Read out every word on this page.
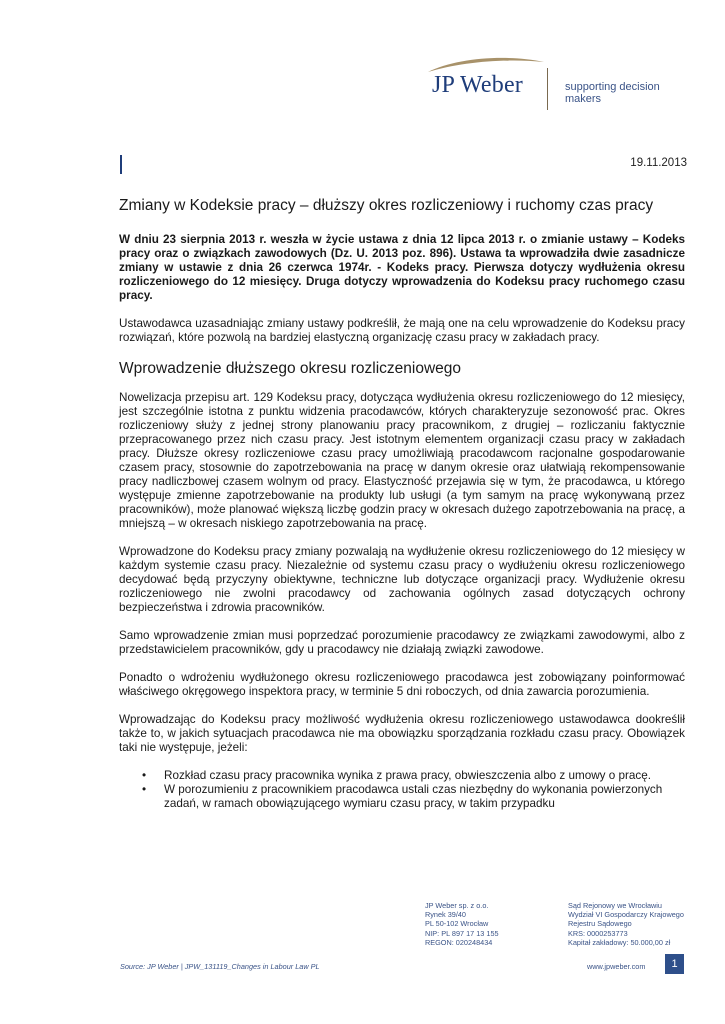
JP Weber	supporting decision makers
19.11.2013
Zmiany w Kodeksie pracy – dłuższy okres rozliczeniowy i ruchomy czas pracy

W dniu 23 sierpnia 2013 r. weszła w życie ustawa z dnia 12 lipca 2013 r. o zmianie ustawy – Kodeks pracy oraz o związkach zawodowych (Dz. U. 2013 poz. 896). Ustawa ta wprowadziła dwie zasadnicze zmiany w ustawie z dnia 26 czerwca 1974r. - Kodeks pracy. Pierwsza dotyczy wydłużenia okresu rozliczeniowego do 12 miesięcy. Druga dotyczy wprowadzenia do Kodeksu pracy ruchomego czasu pracy.

Ustawodawca uzasadniając zmiany ustawy podkreślił, że mają one na celu wprowadzenie do Kodeksu pracy rozwiązań, które pozwolą na bardziej elastyczną organizację czasu pracy w zakładach pracy.

Wprowadzenie dłuższego okresu rozliczeniowego

Nowelizacja przepisu art. 129 Kodeksu pracy, dotycząca wydłużenia okresu rozliczeniowego do 12 miesięcy, jest szczególnie istotna z punktu widzenia pracodawców, których charakteryzuje sezonowość prac. Okres rozliczeniowy służy z jednej strony planowaniu pracy pracownikom, z drugiej – rozliczaniu faktycznie przepracowanego przez nich czasu pracy. Jest istotnym elementem organizacji czasu pracy w zakładach pracy. Dłuższe okresy rozliczeniowe czasu pracy umożliwiają pracodawcom racjonalne gospodarowanie czasem pracy, stosownie do zapotrzebowania na pracę w danym okresie oraz ułatwiają rekompensowanie pracy nadliczbowej czasem wolnym od pracy. Elastyczność przejawia się w tym, że pracodawca, u którego występuje zmienne zapotrzebowanie na produkty lub usługi (a tym samym na pracę wykonywaną przez pracowników), może planować większą liczbę godzin pracy w okresach dużego zapotrzebowania na pracę, a mniejszą – w okresach niskiego zapotrzebowania na pracę.

Wprowadzone do Kodeksu pracy zmiany pozwalają na wydłużenie okresu rozliczeniowego do 12 miesięcy w każdym systemie czasu pracy. Niezależnie od systemu czasu pracy o wydłużeniu okresu rozliczeniowego decydować będą przyczyny obiektywne, techniczne lub dotyczące organizacji pracy. Wydłużenie okresu rozliczeniowego nie zwolni pracodawcy od zachowania ogólnych zasad dotyczących ochrony bezpieczeństwa i zdrowia pracowników.

Samo wprowadzenie zmian musi poprzedzać porozumienie pracodawcy ze związkami zawodowymi, albo z przedstawicielem pracowników, gdy u pracodawcy nie działają związki zawodowe.

Ponadto o wdrożeniu wydłużonego okresu rozliczeniowego pracodawca jest zobowiązany poinformować właściwego okręgowego inspektora pracy, w terminie 5 dni roboczych, od dnia zawarcia porozumienia.

Wprowadzając do Kodeksu pracy możliwość wydłużenia okresu rozliczeniowego ustawodawca dookreślił także to, w jakich sytuacjach pracodawca nie ma obowiązku sporządzania rozkładu czasu pracy. Obowiązek taki nie występuje, jeżeli:

• Rozkład czasu pracy pracownika wynika z prawa pracy, obwieszczenia albo z umowy o pracę.
• W porozumieniu z pracownikiem pracodawca ustali czas niezbędny do wykonania powierzonych zadań, w ramach obowiązującego wymiaru czasu pracy, w takim przypadku
JP Weber sp. z o.o.
Rynek 39/40
PL 50-102 Wrocław
NIP: PL 897 17 13 155
REGON: 020248434
Sąd Rejonowy we Wrocławiu
Wydział VI Gospodarczy Krajowego
Rejestru Sądowego
KRS: 0000253773
Kapitał zakładowy: 50.000,00 zł
Source: JP Weber | JPW_131119_Changes in Labour Law PL	www.jpweber.com	1
